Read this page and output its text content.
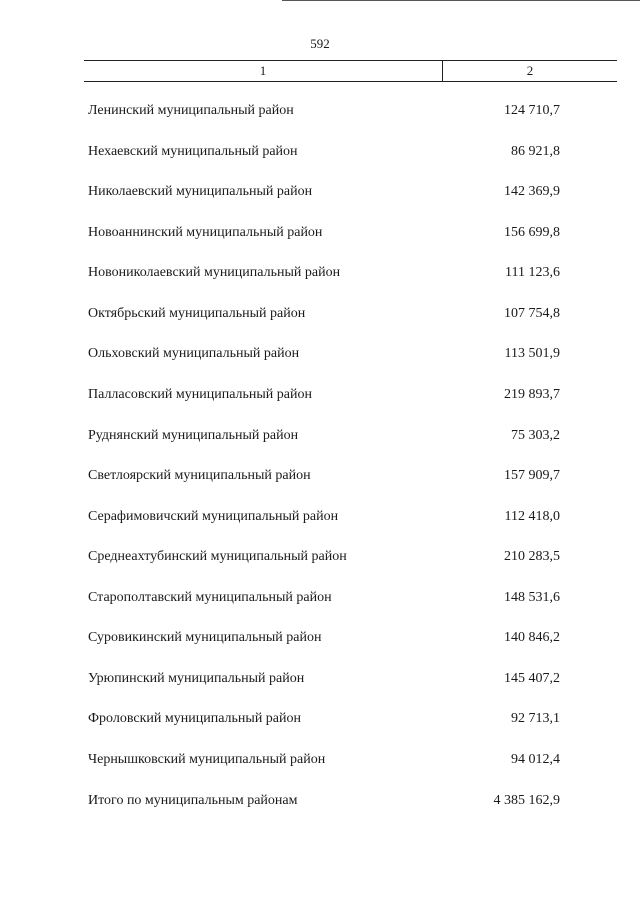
592
1	2
Ленинский муниципальный район	124 710,7
Нехаевский муниципальный район	86 921,8
Николаевский муниципальный район	142 369,9
Новоаннинский муниципальный район	156 699,8
Новониколаевский муниципальный район	111 123,6
Октябрьский муниципальный район	107 754,8
Ольховский муниципальный район	113 501,9
Палласовский муниципальный район	219 893,7
Руднянский муниципальный район	75 303,2
Светлоярский муниципальный район	157 909,7
Серафимовичский муниципальный район	112 418,0
Среднеахтубинский муниципальный район	210 283,5
Старополтавский муниципальный район	148 531,6
Суровикинский муниципальный район	140 846,2
Урюпинский муниципальный район	145 407,2
Фроловский муниципальный район	92 713,1
Чернышковский муниципальный район	94 012,4
Итого по муниципальным районам	4 385 162,9
